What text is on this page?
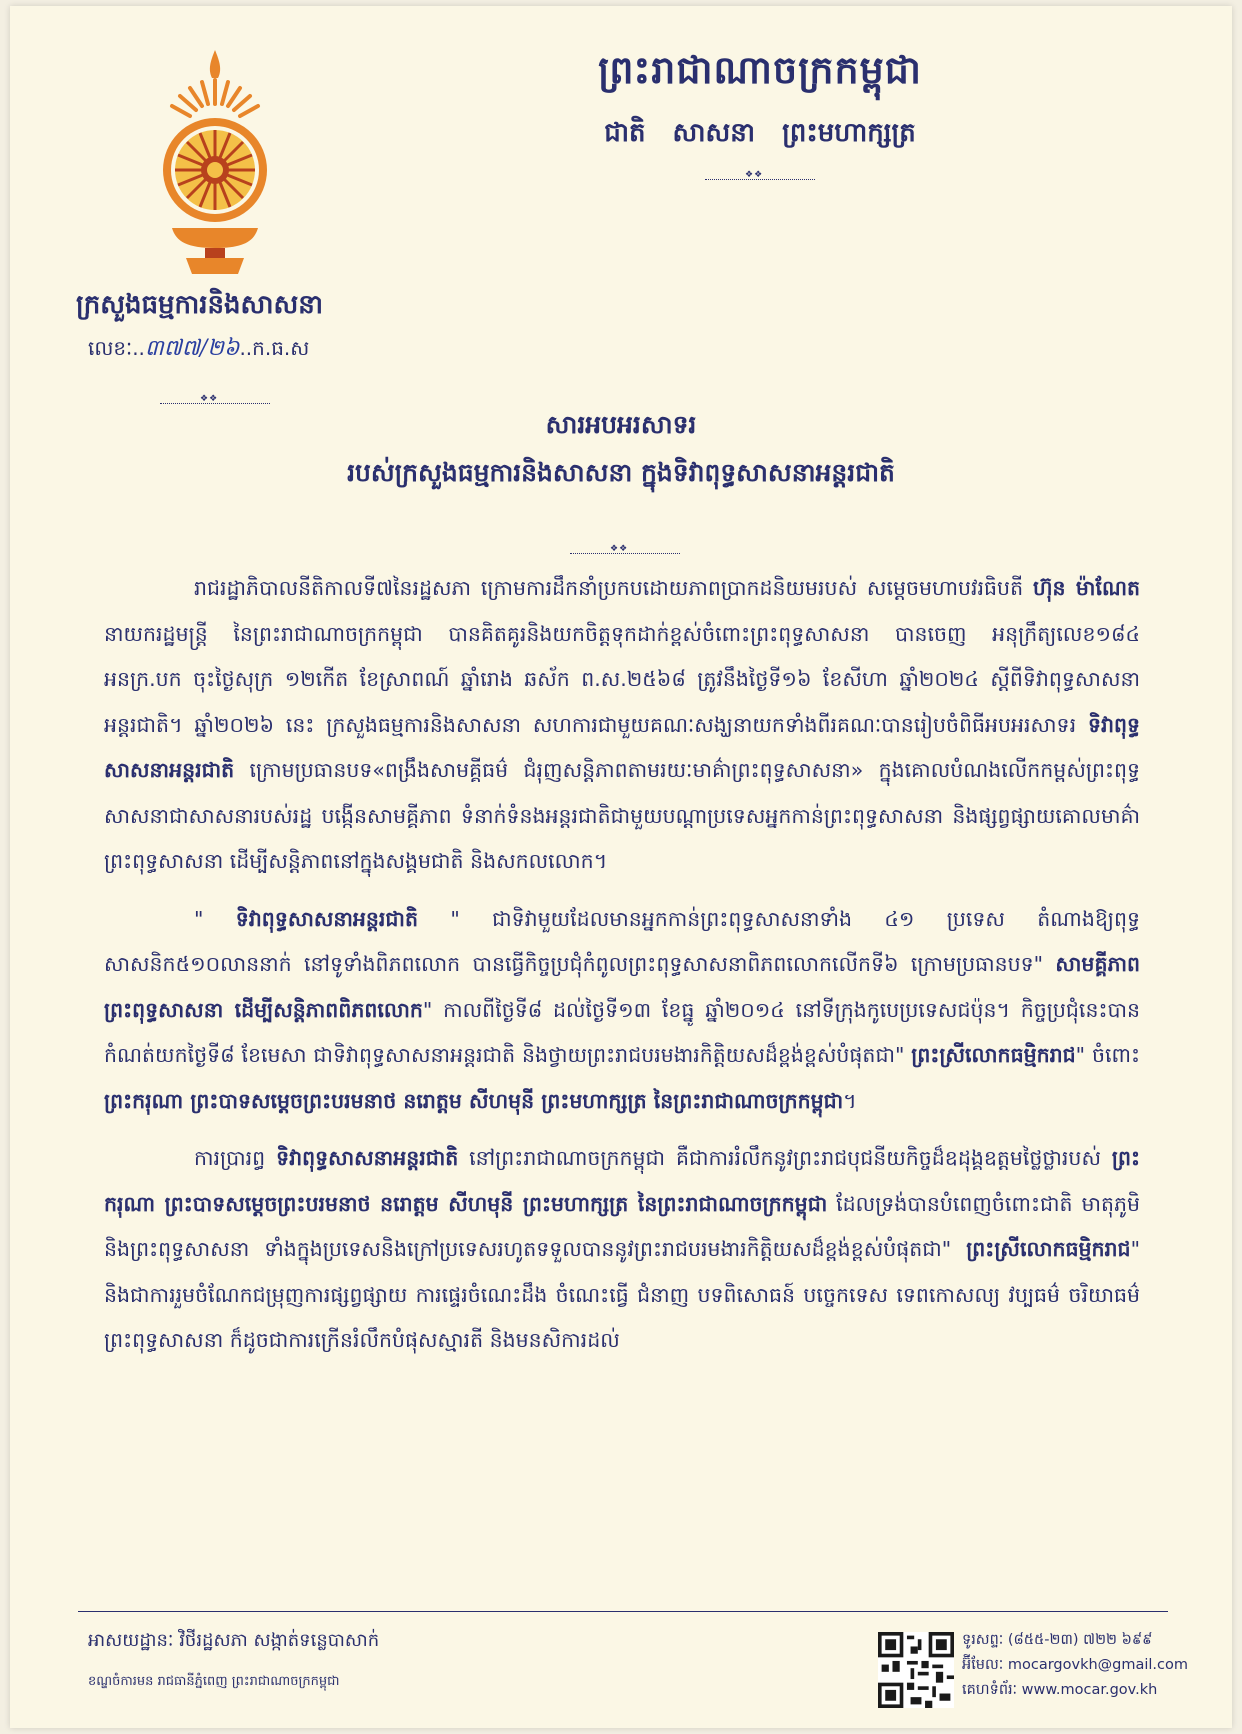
ព្រះរាជាណាចក្រកម្ពុជា
ជាតិ សាសនា ព្រះមហាក្សត្រ
❖❖
ក្រសួងធម្មការនិងសាសនា
លេខៈ..៣៧៧/២៦..ក.ធ.ស
❖❖
សារអបអរសាទរ
របស់ក្រសួងធម្មការនិងសាសនា ក្នុងទិវាពុទ្ធសាសនាអន្តរជាតិ
❖❖

រាជរដ្ឋាភិបាលនីតិកាលទី៧នៃរដ្ឋសភា ក្រោមការដឹកនាំប្រកបដោយភាពប្រាកដនិយមរបស់ សម្តេចមហាបវរធិបតី ហ៊ុន ម៉ាណែត នាយករដ្ឋមន្ត្រី នៃព្រះរាជាណាចក្រកម្ពុជា បានគិតគូរនិងយកចិត្តទុកដាក់ខ្ពស់ចំពោះព្រះពុទ្ធសាសនា បានចេញ អនុក្រឹត្យលេខ១៨៤ អនក្រ.បក ចុះថ្ងៃសុក្រ ១២កើត ខែស្រាពណ៍ ឆ្នាំរោង ឆស័ក ព.ស.២៥៦៨ ត្រូវនឹងថ្ងៃទី១៦ ខែសីហា ឆ្នាំ២០២៤ ស្តីពីទិវាពុទ្ធសាសនាអន្តរជាតិ។ ឆ្នាំ២០២៦ នេះ ក្រសួងធម្មការនិងសាសនា សហការជាមួយគណៈសង្ឃនាយកទាំងពីរគណៈបានរៀបចំពិធីអបអរសាទរ ទិវាពុទ្ធសាសនាអន្តរជាតិ ក្រោមប្រធានបទ«ពង្រឹងសាមគ្គីធម៌ ជំរុញសន្តិភាពតាមរយៈមាគ៌ាព្រះពុទ្ធសាសនា» ក្នុងគោលបំណងលើកកម្ពស់ព្រះពុទ្ធសាសនាជាសាសនារបស់រដ្ឋ បង្កើនសាមគ្គីភាព ទំនាក់ទំនងអន្តរជាតិជាមួយបណ្តាប្រទេសអ្នកកាន់ព្រះពុទ្ធសាសនា និងផ្សព្វផ្សាយគោលមាគ៌ាព្រះពុទ្ធសាសនា ដើម្បីសន្តិភាពនៅក្នុងសង្គមជាតិ និងសកលលោក។

" ទិវាពុទ្ធសាសនាអន្តរជាតិ " ជាទិវាមួយដែលមានអ្នកកាន់ព្រះពុទ្ធសាសនាទាំង ៤១ ប្រទេស តំណាងឱ្យពុទ្ធសាសនិក៥១០លាននាក់ នៅទូទាំងពិភពលោក បានធ្វើកិច្ចប្រជុំកំពូលព្រះពុទ្ធសាសនាពិភពលោកលើកទី៦ ក្រោមប្រធានបទ" សាមគ្គីភាពព្រះពុទ្ធសាសនា ដើម្បីសន្តិភាពពិភពលោក" កាលពីថ្ងៃទី៨ ដល់ថ្ងៃទី១៣ ខែធ្នូ ឆ្នាំ២០១៤ នៅទីក្រុងកូបេប្រទេសជប៉ុន។ កិច្ចប្រជុំនេះបានកំណត់យកថ្ងៃទី៨ ខែមេសា ជាទិវាពុទ្ធសាសនាអន្តរជាតិ និងថ្វាយព្រះរាជបរមងារកិត្តិយសដ៏ខ្ពង់ខ្ពស់បំផុតជា" ព្រះស្រីលោកធម្មិករាជ" ចំពោះ ព្រះករុណា ព្រះបាទសម្តេចព្រះបរមនាថ នរោត្តម សីហមុនី ព្រះមហាក្សត្រ នៃព្រះរាជាណាចក្រកម្ពុជា។

ការប្រារព្ធ ទិវាពុទ្ធសាសនាអន្តរជាតិ នៅព្រះរាជាណាចក្រកម្ពុជា គឺជាការរំលឹកនូវព្រះរាជបុជនីយកិច្ចដ៏ឧដុង្គឧត្តមថ្លៃថ្លារបស់ ព្រះករុណា ព្រះបាទសម្តេចព្រះបរមនាថ នរោត្តម សីហមុនី ព្រះមហាក្សត្រ នៃព្រះរាជាណាចក្រកម្ពុជា ដែលទ្រង់បានបំពេញចំពោះជាតិ មាតុភូមិ និងព្រះពុទ្ធសាសនា ទាំងក្នុងប្រទេសនិងក្រៅប្រទេសរហូតទទួលបាននូវព្រះរាជបរមងារកិត្តិយសដ៏ខ្ពង់ខ្ពស់បំផុតជា" ព្រះស្រីលោកធម្មិករាជ" និងជាការរួមចំណែកជម្រុញការផ្សព្វផ្សាយ ការផ្ទេរចំណេះដឹង ចំណេះធ្វើ ជំនាញ បទពិសោធន៍ បច្ចេកទេស ទេពកោសល្យ វប្បធម៌ ចរិយាធម៌ ព្រះពុទ្ធសាសនា ក៏ដូចជាការក្រើនរំលឹកបំផុសស្មារតី និងមនសិការដល់

អាសយដ្ឋានៈ វិថីរដ្ឋសភា សង្កាត់ទន្លេបាសាក់
ខណ្ឌចំការមន រាជធានីភ្នំពេញ ព្រះរាជាណាចក្រកម្ពុជា
ទូរសព្ទៈ (៨៥៥-២៣) ៧២២ ៦៩៩
អ៊ីមែលៈ mocargovkh@gmail.com
គេហទំព័រៈ www.mocar.gov.kh
